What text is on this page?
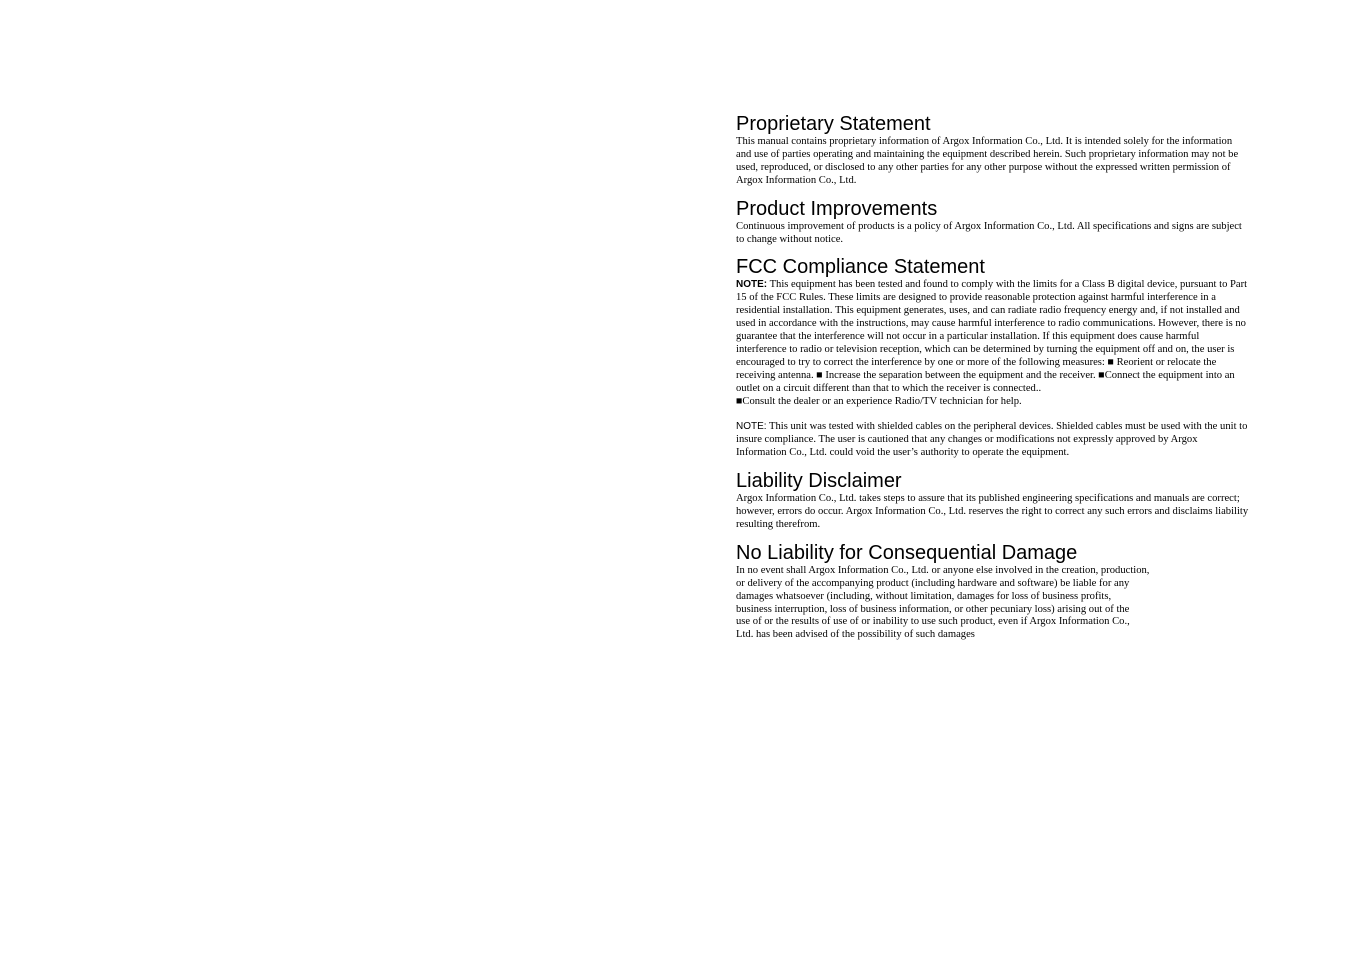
Proprietary Statement

This manual contains proprietary information of Argox Information Co., Ltd. It is intended solely for the information and use of parties operating and maintaining the equipment described herein. Such proprietary information may not be used, reproduced, or disclosed to any other parties for any other purpose without the expressed written permission of Argox Information Co., Ltd.

Product Improvements

Continuous improvement of products is a policy of Argox Information Co., Ltd. All specifications and signs are subject to change without notice.

FCC Compliance Statement

NOTE: This equipment has been tested and found to comply with the limits for a Class B digital device, pursuant to Part 15 of the FCC Rules. These limits are designed to provide reasonable protection against harmful interference in a residential installation. This equipment generates, uses, and can radiate radio frequency energy and, if not installed and used in accordance with the instructions, may cause harmful interference to radio communications. However, there is no guarantee that the interference will not occur in a particular installation. If this equipment does cause harmful interference to radio or television reception, which can be determined by turning the equipment off and on, the user is encouraged to try to correct the interference by one or more of the following measures: ■ Reorient or relocate the receiving antenna. ■ Increase the separation between the equipment and the receiver. ■Connect the equipment into an outlet on a circuit different than that to which the receiver is connected..

■Consult the dealer or an experience Radio/TV technician for help.

NOTE: This unit was tested with shielded cables on the peripheral devices. Shielded cables must be used with the unit to insure compliance. The user is cautioned that any changes or modifications not expressly approved by Argox Information Co., Ltd. could void the user’s authority to operate the equipment.

Liability Disclaimer

Argox Information Co., Ltd. takes steps to assure that its published engineering specifications and manuals are correct; however, errors do occur. Argox Information Co., Ltd. reserves the right to correct any such errors and disclaims liability resulting therefrom.

No Liability for Consequential Damage

In no event shall Argox Information Co., Ltd. or anyone else involved in the creation, production,
or delivery of the accompanying product (including hardware and software) be liable for any
damages whatsoever (including, without limitation, damages for loss of business profits,
business interruption, loss of business information, or other pecuniary loss) arising out of the
use of or the results of use of or inability to use such product, even if Argox Information Co.,
Ltd. has been advised of the possibility of such damages
